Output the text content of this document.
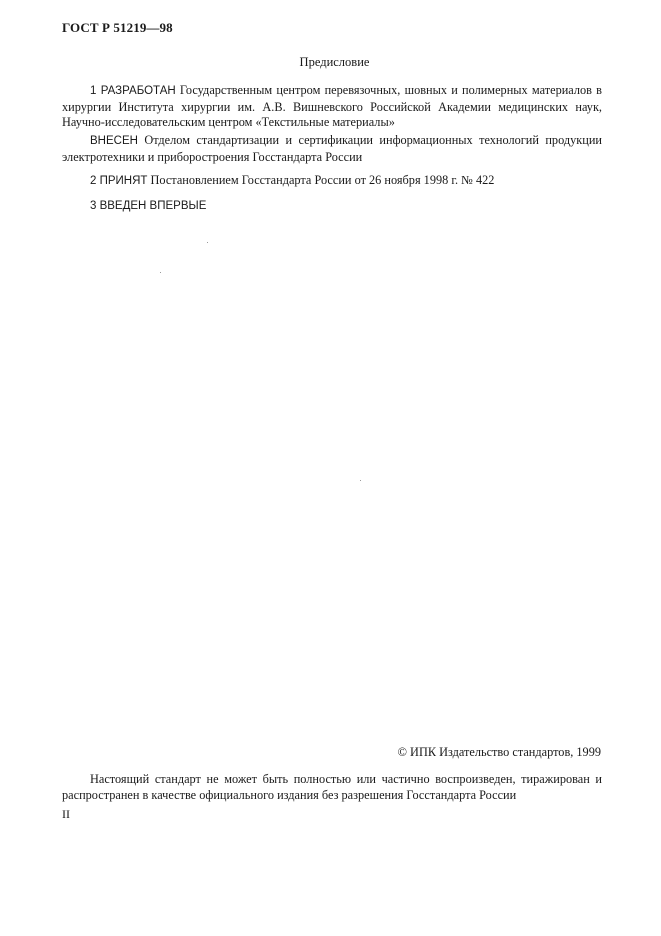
ГОСТ Р 51219—98
Предисловие
1 РАЗРАБОТАН Государственным центром перевязочных, шовных и полимерных материалов в хирургии Института хирургии им. А.В. Вишневского Российской Академии медицинских наук, Научно-исследовательским центром «Текстильные материалы»
ВНЕСЕН Отделом стандартизации и сертификации информационных технологий продукции электротехники и приборостроения Госстандарта России
2 ПРИНЯТ Постановлением Госстандарта России от 26 ноября 1998 г. № 422
3 ВВЕДЕН ВПЕРВЫЕ
© ИПК Издательство стандартов, 1999
Настоящий стандарт не может быть полностью или частично воспроизведен, тиражирован и распространен в качестве официального издания без разрешения Госстандарта России
II
